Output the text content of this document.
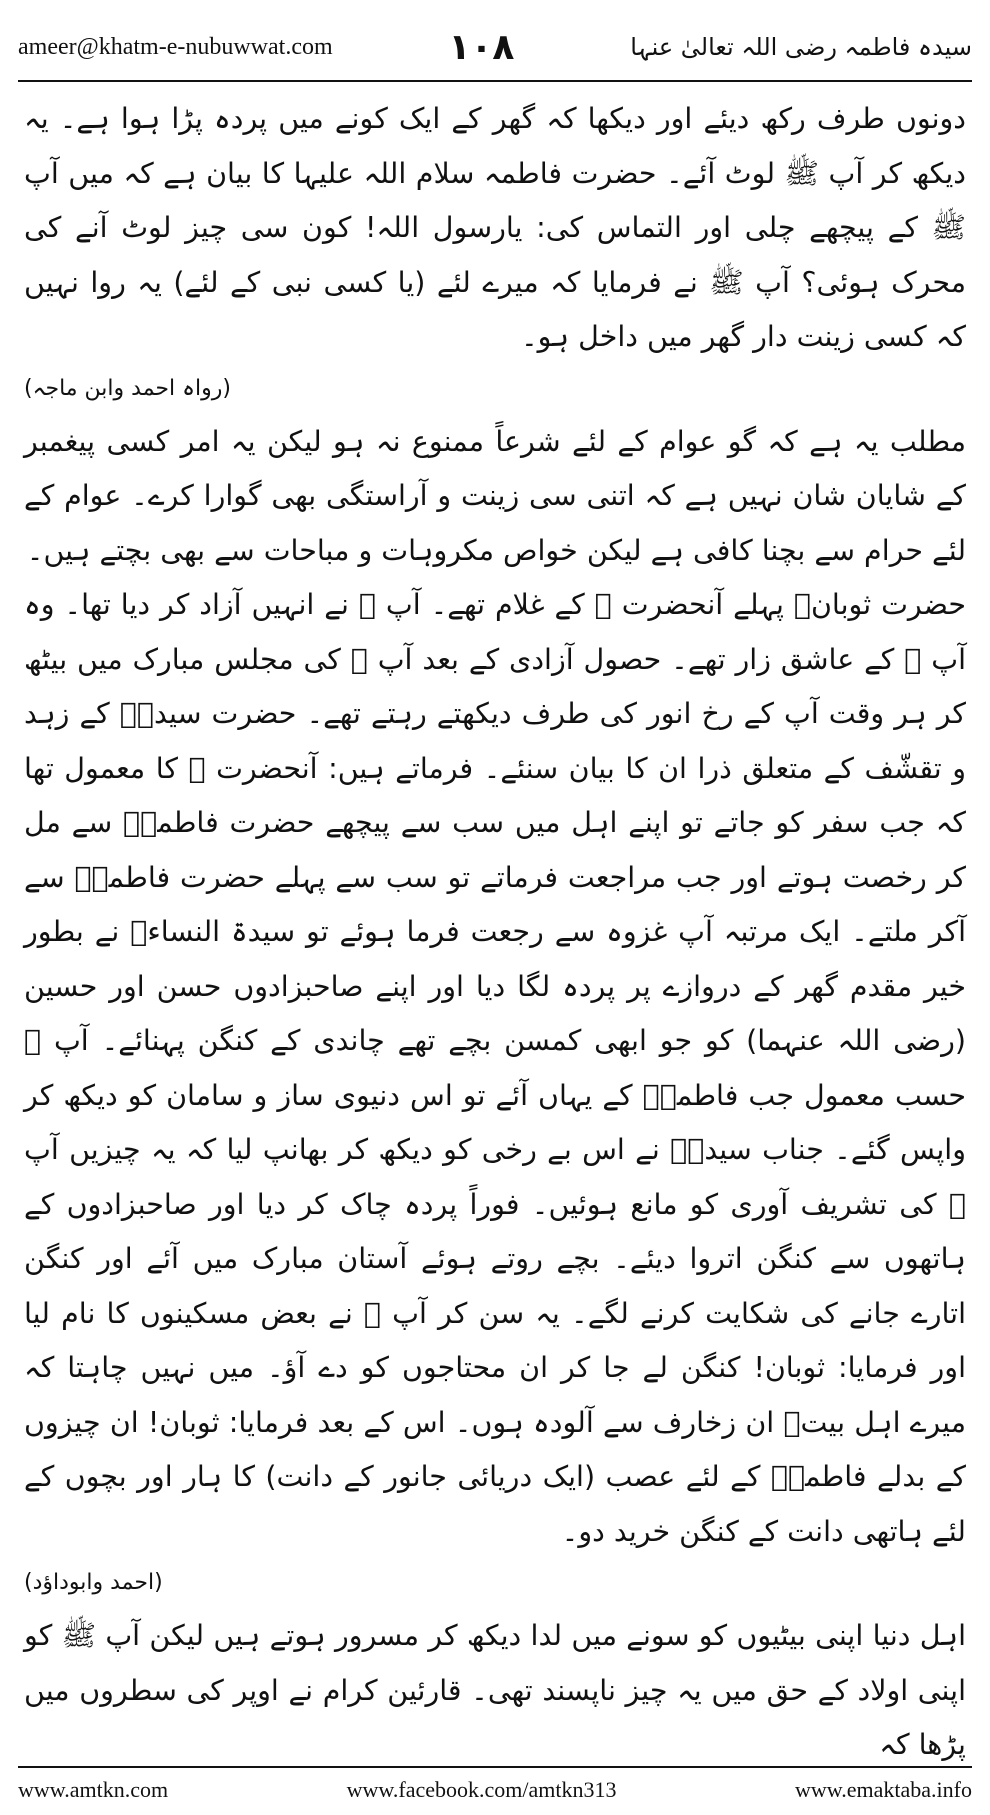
ameer@khatm-e-nubuwwat.com	۱۰۸	سیدہ فاطمہ رضی اللہ تعالیٰ عنہا

دونوں طرف رکھ دیئے اور دیکھا کہ گھر کے ایک کونے میں پردہ پڑا ہوا ہے۔ یہ دیکھ کر آپ ﷺ لوٹ آئے۔ حضرت فاطمہ سلام اللہ علیہا کا بیان ہے کہ میں آپ ﷺ کے پیچھے چلی اور التماس کی: یارسول اللہ! کون سی چیز لوٹ آنے کی محرک ہوئی؟ آپ ﷺ نے فرمایا کہ میرے لئے (یا کسی نبی کے لئے) یہ روا نہیں کہ کسی زینت دار گھر میں داخل ہو۔

(رواہ احمد وابن ماجہ)

مطلب یہ ہے کہ گو عوام کے لئے شرعاً ممنوع نہ ہو لیکن یہ امر کسی پیغمبر کے شایان شان نہیں ہے کہ اتنی سی زینت و آراستگی بھی گوارا کرے۔ عوام کے لئے حرام سے بچنا کافی ہے لیکن خواص مکروہات و مباحات سے بھی بچتے ہیں۔

حضرت ثوبانؓ پہلے آنحضرت ﷺ کے غلام تھے۔ آپ ﷺ نے انہیں آزاد کر دیا تھا۔ وہ آپ ﷺ کے عاشق زار تھے۔ حصول آزادی کے بعد آپ ﷺ کی مجلس مبارک میں بیٹھ کر ہر وقت آپ کے رخ انور کی طرف دیکھتے رہتے تھے۔ حضرت سیدہؓ کے زہد و تقشّف کے متعلق ذرا ان کا بیان سنئے۔ فرماتے ہیں: آنحضرت ﷺ کا معمول تھا کہ جب سفر کو جاتے تو اپنے اہل میں سب سے پیچھے حضرت فاطمہؓ سے مل کر رخصت ہوتے اور جب مراجعت فرماتے تو سب سے پہلے حضرت فاطمہؓ سے آکر ملتے۔ ایک مرتبہ آپ غزوہ سے رجعت فرما ہوئے تو سیدۃ النساءؓ نے بطور خیر مقدم گھر کے دروازے پر پردہ لگا دیا اور اپنے صاحبزادوں حسن اور حسین (رضی اللہ عنہما) کو جو ابھی کمسن بچے تھے چاندی کے کنگن پہنائے۔ آپ ﷺ حسب معمول جب فاطمہؓ کے یہاں آئے تو اس دنیوی ساز و سامان کو دیکھ کر واپس گئے۔ جناب سیدہؓ نے اس بے رخی کو دیکھ کر بھانپ لیا کہ یہ چیزیں آپ ﷺ کی تشریف آوری کو مانع ہوئیں۔ فوراً پردہ چاک کر دیا اور صاحبزادوں کے ہاتھوں سے کنگن اتروا دیئے۔ بچے روتے ہوئے آستان مبارک میں آئے اور کنگن اتارے جانے کی شکایت کرنے لگے۔ یہ سن کر آپ ﷺ نے بعض مسکینوں کا نام لیا اور فرمایا: ثوبان! کنگن لے جا کر ان محتاجوں کو دے آؤ۔ میں نہیں چاہتا کہ میرے اہل بیتؓ ان زخارف سے آلودہ ہوں۔ اس کے بعد فرمایا: ثوبان! ان چیزوں کے بدلے فاطمہؓ کے لئے عصب (ایک دریائی جانور کے دانت) کا ہار اور بچوں کے لئے ہاتھی دانت کے کنگن خرید دو۔

(احمد وابوداؤد)

اہل دنیا اپنی بیٹیوں کو سونے میں لدا دیکھ کر مسرور ہوتے ہیں لیکن آپ ﷺ کو اپنی اولاد کے حق میں یہ چیز ناپسند تھی۔ قارئین کرام نے اوپر کی سطروں میں پڑھا کہ

www.amtkn.com	www.facebook.com/amtkn313	www.emaktaba.info
